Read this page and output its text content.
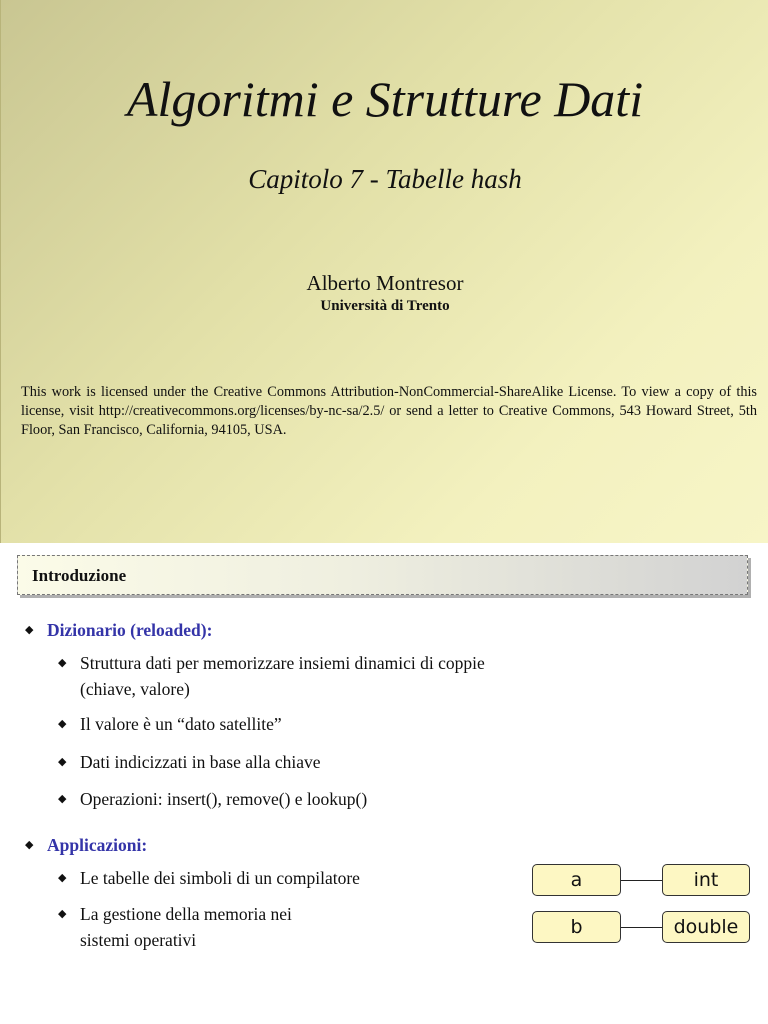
Algoritmi e Strutture Dati
Capitolo 7 - Tabelle hash
Alberto Montresor
Università di Trento
This work is licensed under the Creative Commons Attribution-NonCommercial-ShareAlike License. To view a copy of this license, visit http://creativecommons.org/licenses/by-nc-sa/2.5/ or send a letter to Creative Commons, 543 Howard Street, 5th Floor, San Francisco, California, 94105, USA.
Introduzione
◆ Dizionario (reloaded):
◆ Struttura dati per memorizzare insiemi dinamici di coppie
(chiave, valore)
◆ Il valore è un “dato satellite”
◆ Dati indicizzati in base alla chiave
◆ Operazioni: insert(), remove() e lookup()
◆ Applicazioni:
◆ Le tabelle dei simboli di un compilatore
◆ La gestione della memoria nei
sistemi operativi
a	int
b	double
